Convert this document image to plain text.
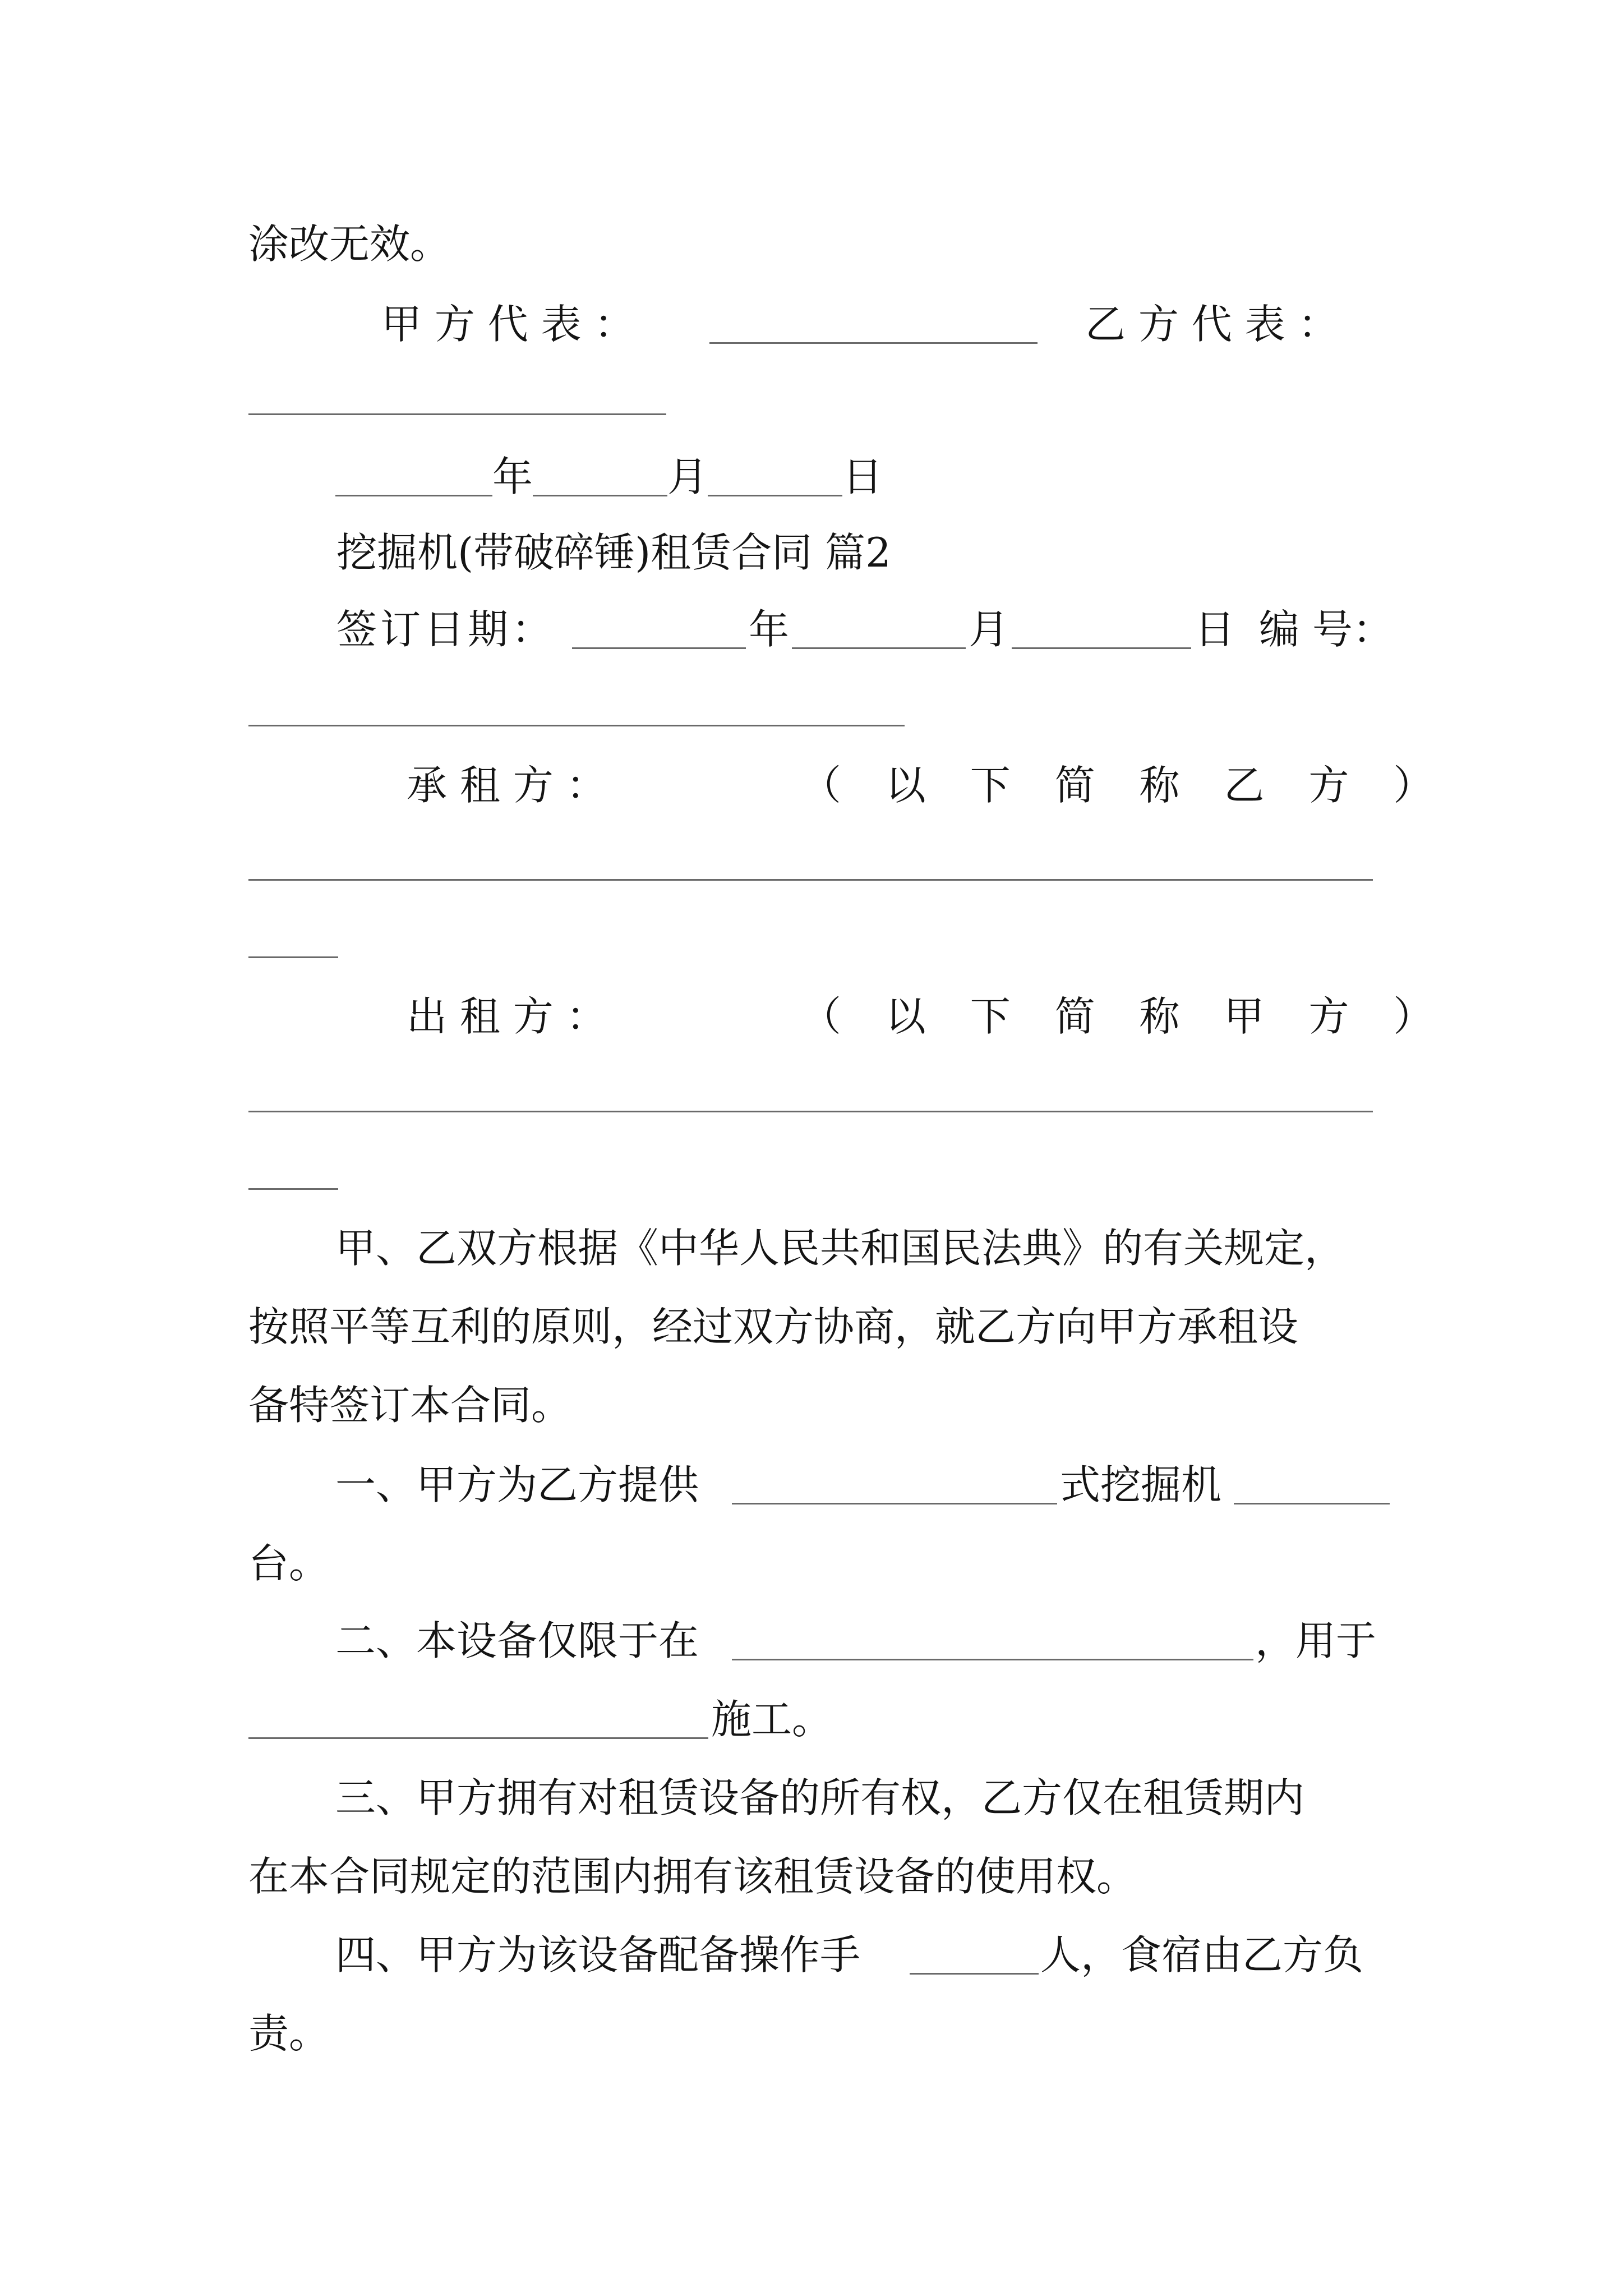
涂改无效。
甲 方 代 表 ：	乙 方 代 表 ：
年	月	日
挖掘机(带破碎锤)租赁合同 篇2
签订日期：	年	月	日 编 号：
承 租 方 ：	（ 以 下 简 称 乙 方 ）
出 租 方 ：	（ 以 下 简 称 甲 方 ）
甲、乙双方根据《中华人民共和国民法典》的有关规定，
按照平等互利的原则，经过双方协商，就乙方向甲方承租设
备特签订本合同。
一、甲方为乙方提供	式挖掘机
台。
二、本设备仅限于在	，用于
施工。
三、甲方拥有对租赁设备的所有权，乙方仅在租赁期内
在本合同规定的范围内拥有该租赁设备的使用权。
四、甲方为该设备配备操作手	人，食宿由乙方负
责。
